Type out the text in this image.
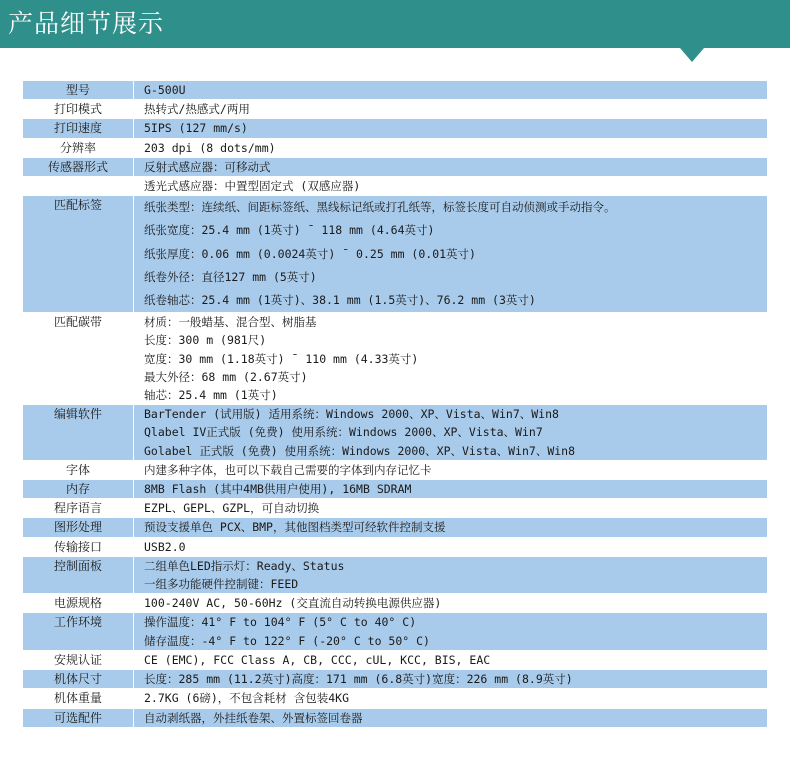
产品细节展示
型号	G-500U

打印模式	热转式/热感式/两用

打印速度	5IPS (127 mm/s)

分辨率	203 dpi (8 dots/mm)

传感器形式	反射式感应器：可移动式

	透光式感应器：中置型固定式 (双感应器)

匹配标签	纸张类型：连续纸、间距标签纸、黑线标记纸或打孔纸等，标签长度可自动侦测或手动指令。
纸张宽度：25.4 mm (1英寸) ¯ 118 mm (4.64英寸)
纸张厚度：0.06 mm (0.0024英寸) ¯ 0.25 mm (0.01英寸)
纸卷外径：直径127 mm (5英寸)
纸卷轴芯：25.4 mm (1英寸)、38.1 mm (1.5英寸)、76.2 mm (3英寸)

匹配碳带	材质：一般蜡基、混合型、树脂基
长度：300 m (981尺)
宽度：30 mm (1.18英寸) ¯ 110 mm (4.33英寸)
最大外径：68 mm (2.67英寸)
轴芯：25.4 mm (1英寸)

编辑软件	BarTender (试用版) 适用系统：Windows 2000、XP、Vista、Win7、Win8
Qlabel IV正式版 (免费) 使用系统：Windows 2000、XP、Vista、Win7
Golabel 正式版 (免费) 使用系统：Windows 2000、XP、Vista、Win7、Win8

字体	内建多种字体，也可以下载自己需要的字体到内存记忆卡

内存	8MB Flash (其中4MB供用户使用), 16MB SDRAM

程序语言	EZPL、GEPL、GZPL，可自动切换

图形处理	预设支援单色 PCX、BMP，其他图档类型可经软件控制支援

传输接口	USB2.0

控制面板	二组单色LED指示灯：Ready、Status
一组多功能硬件控制键：FEED

电源规格	100-240V AC, 50-60Hz (交直流自动转换电源供应器)

工作环境	操作温度：41° F to 104° F (5° C to 40° C)
储存温度：-4° F to 122° F (-20° C to 50° C)

安规认证	CE (EMC), FCC Class A, CB, CCC, cUL, KCC, BIS, EAC

机体尺寸	长度：285 mm (11.2英寸)高度：171 mm (6.8英寸)宽度：226 mm (8.9英寸)

机体重量	2.7KG (6磅)，不包含耗材 含包装4KG

可选配件	自动剥纸器，外挂纸卷架、外置标签回卷器
